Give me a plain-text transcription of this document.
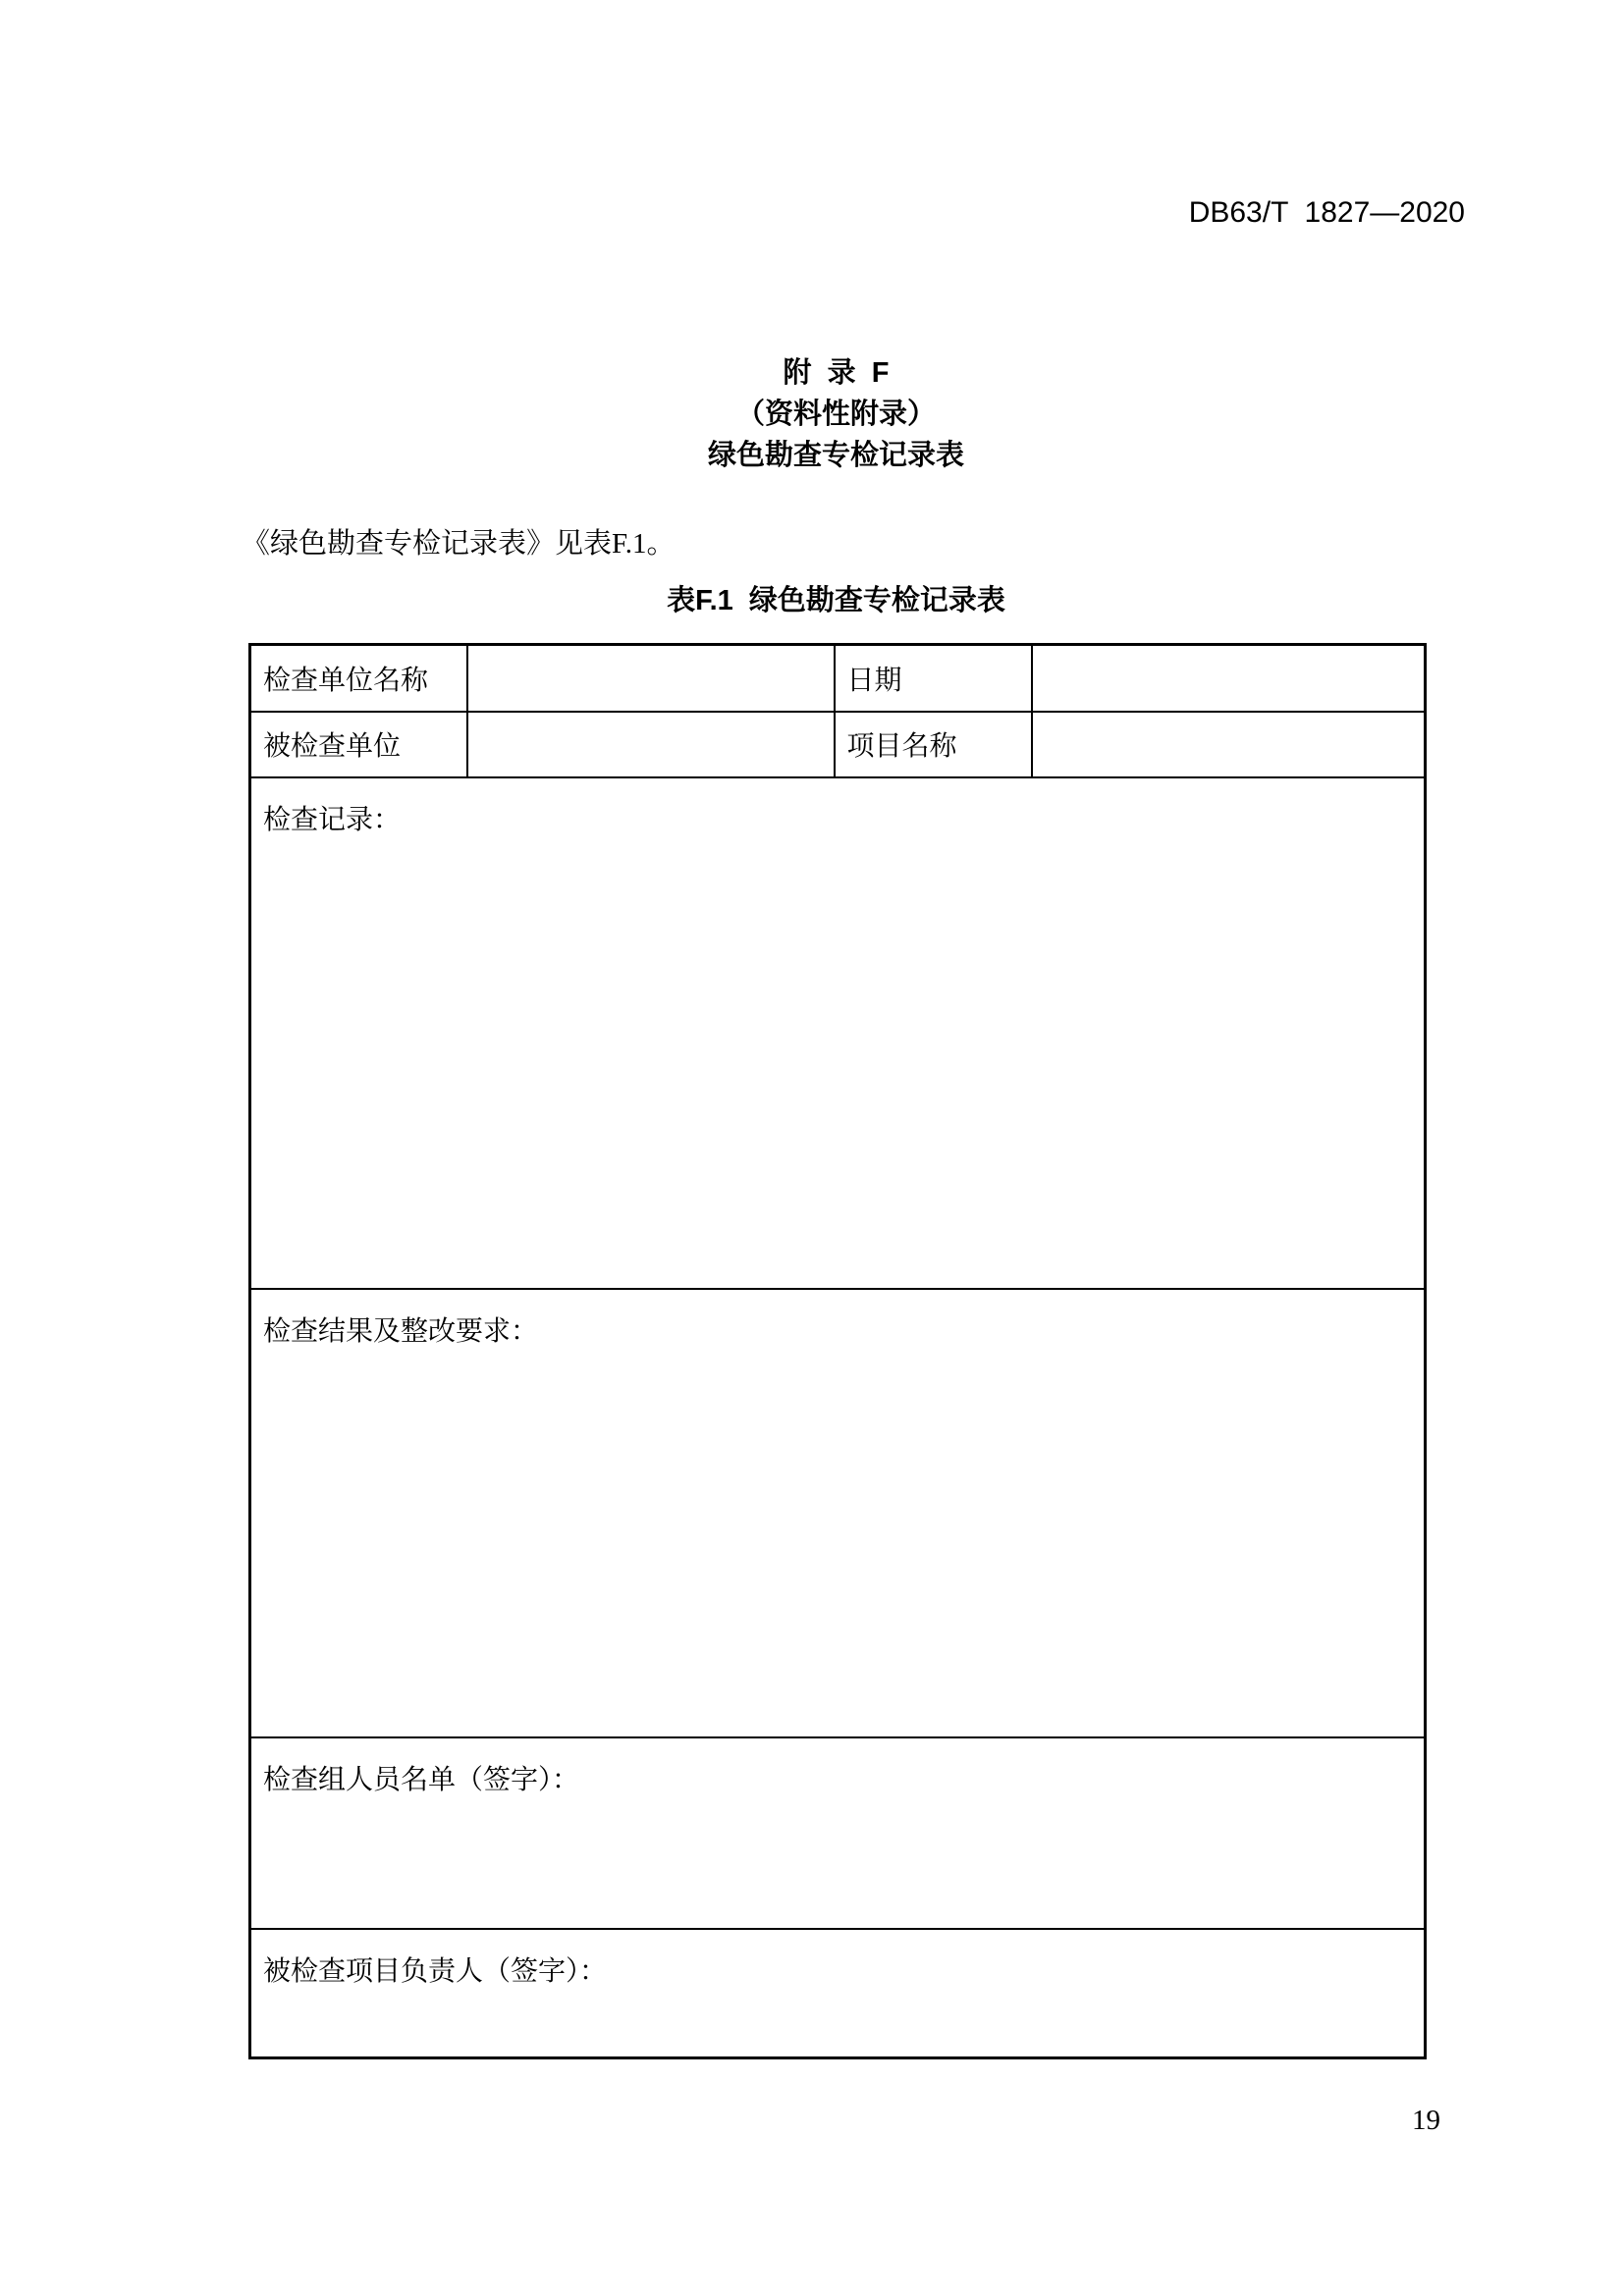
DB63/T  1827—2020
附  录  F
（资料性附录）
绿色勘查专检记录表
《绿色勘查专检记录表》见表F.1。
表F.1  绿色勘查专检记录表
检查单位名称		日期	
被检查单位		项目名称	
检查记录：			
检查结果及整改要求：			
检查组人员名单（签字）：			
被检查项目负责人（签字）：			
19
